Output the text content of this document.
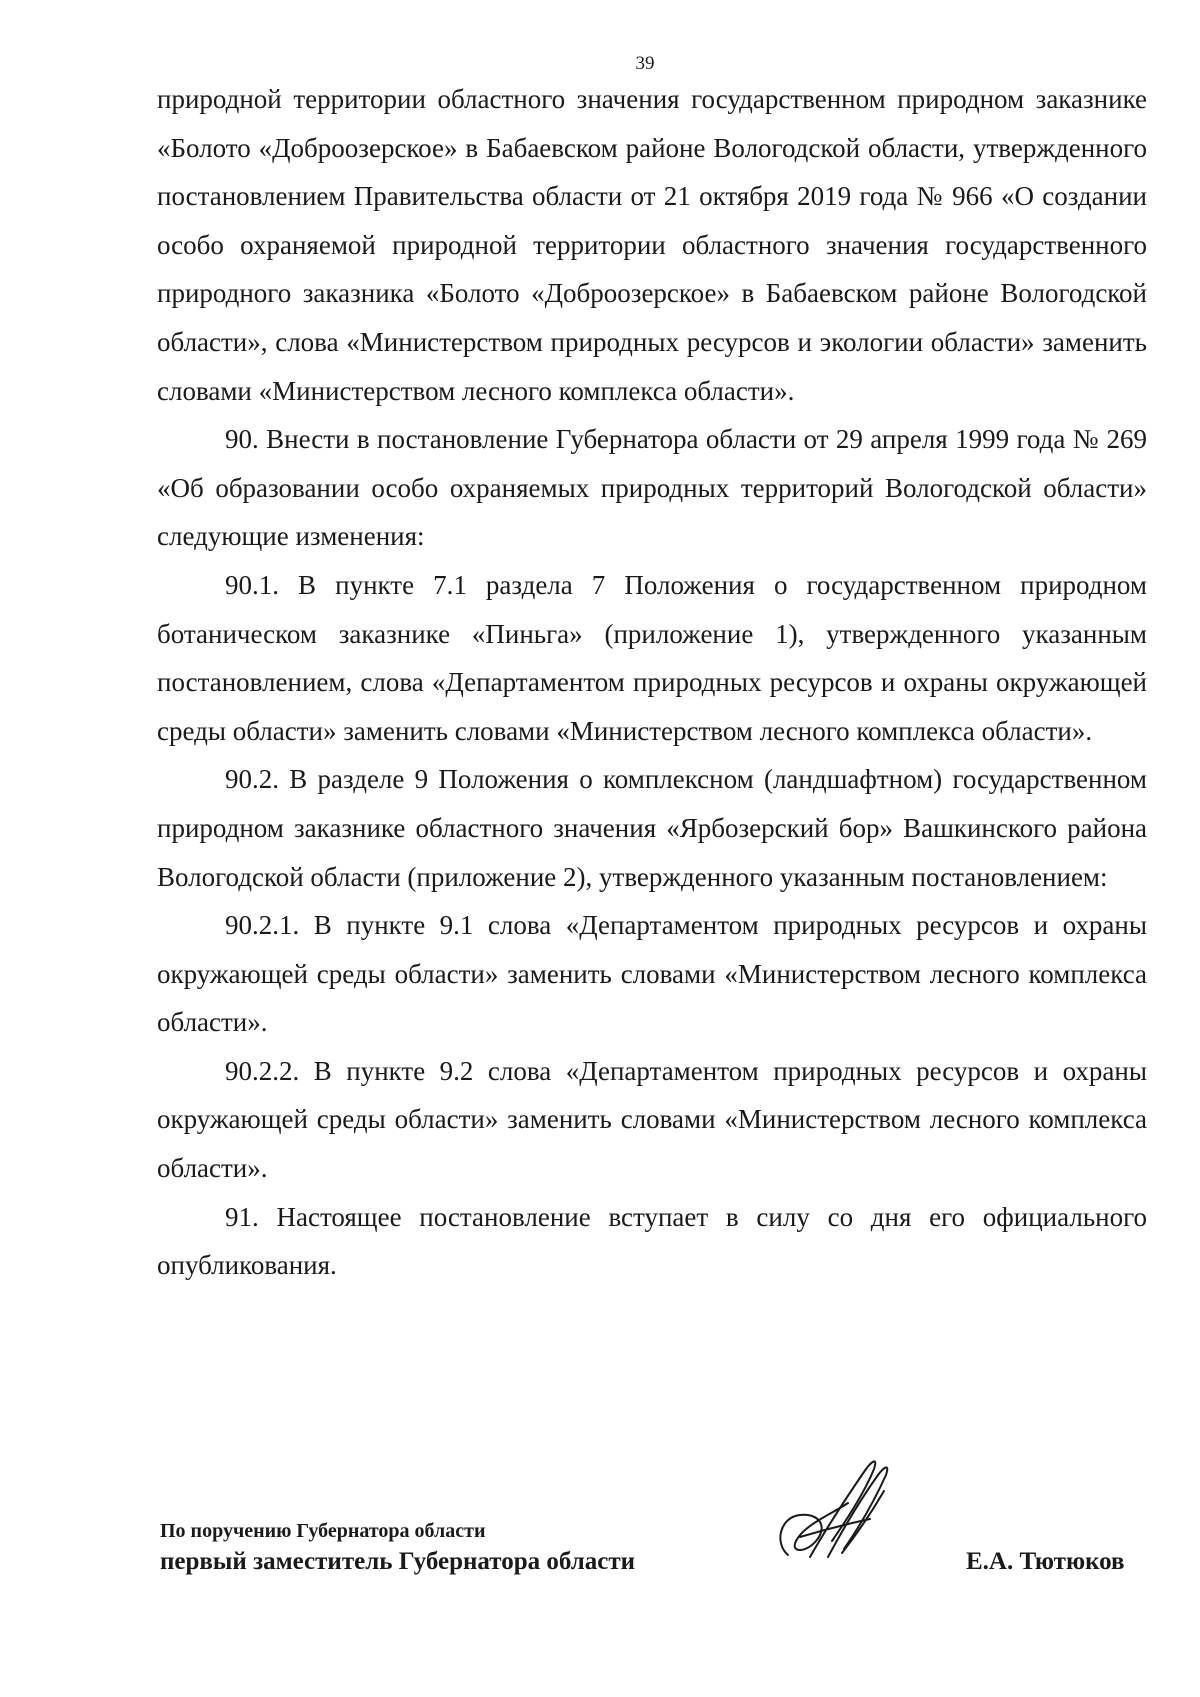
39

природной территории областного значения государственном природном заказнике «Болото «Доброозерское» в Бабаевском районе Вологодской области, утвержденного постановлением Правительства области от 21 октября 2019 года № 966 «О создании особо охраняемой природной территории областного значения государственного природного заказника «Болото «Доброозерское» в Бабаевском районе Вологодской области», слова «Министерством природных ресурсов и экологии области» заменить словами «Министерством лесного комплекса области».

90. Внести в постановление Губернатора области от 29 апреля 1999 года № 269 «Об образовании особо охраняемых природных территорий Вологодской области» следующие изменения:

90.1. В пункте 7.1 раздела 7 Положения о государственном природном ботаническом заказнике «Пиньга» (приложение 1), утвержденного указанным постановлением, слова «Департаментом природных ресурсов и охраны окружающей среды области» заменить словами «Министерством лесного комплекса области».

90.2. В разделе 9 Положения о комплексном (ландшафтном) государственном природном заказнике областного значения «Ярбозерский бор» Вашкинского района Вологодской области (приложение 2), утвержденного указанным постановлением:

90.2.1. В пункте 9.1 слова «Департаментом природных ресурсов и охраны окружающей среды области» заменить словами «Министерством лесного комплекса области».

90.2.2. В пункте 9.2 слова «Департаментом природных ресурсов и охраны окружающей среды области» заменить словами «Министерством лесного комплекса области».

91. Настоящее постановление вступает в силу со дня его официального опубликования.

По поручению Губернатора области
первый заместитель Губернатора области	Е.А. Тютюков
